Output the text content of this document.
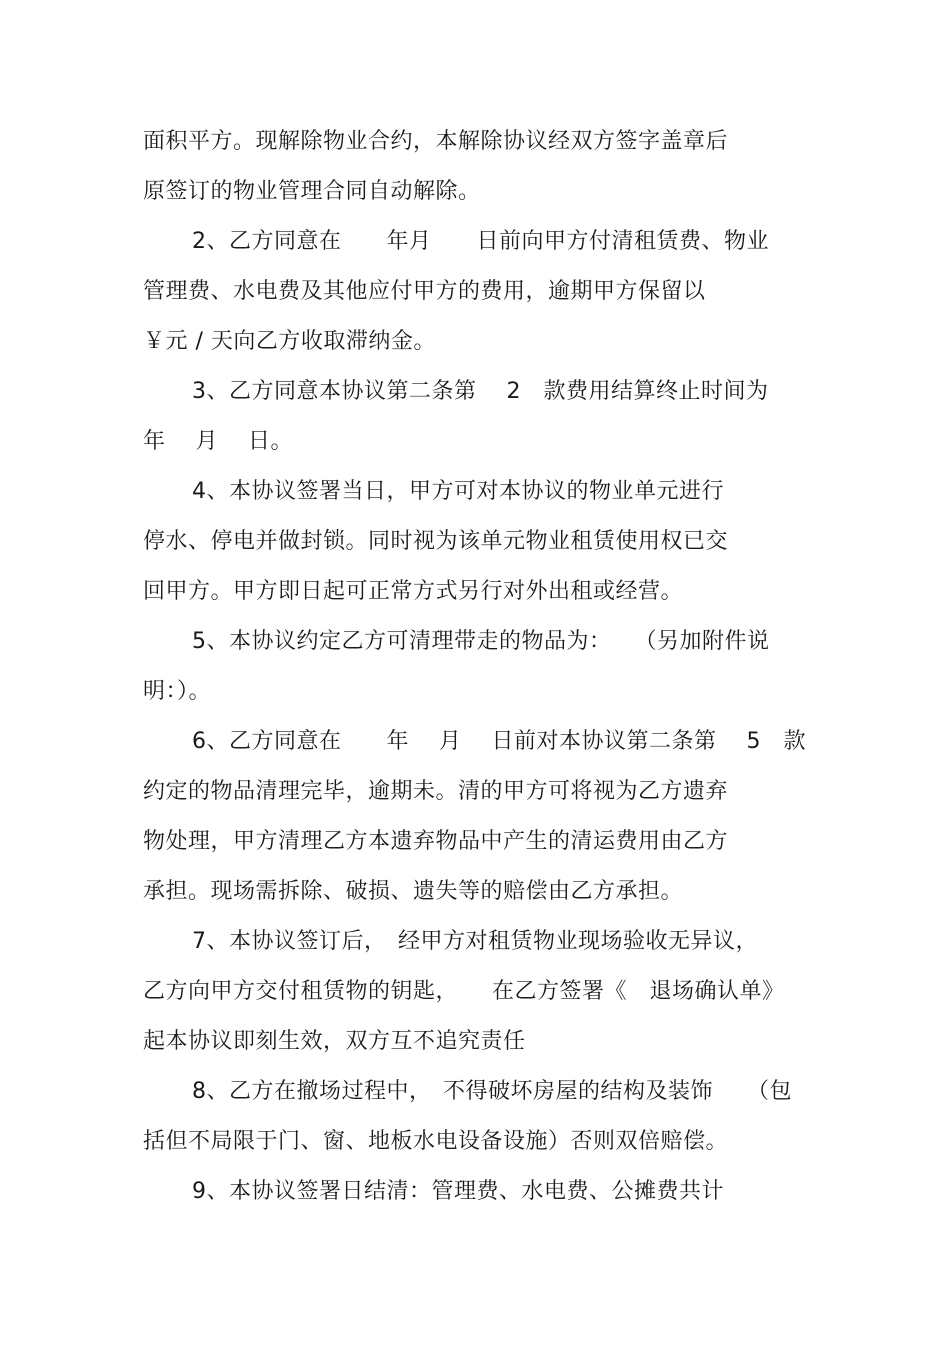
面积平方。现解除物业合约，本解除协议经双方签字盖章后
原签订的物业管理合同自动解除。
2、乙方同意在　　年月　　日前向甲方付清租赁费、物业
管理费、水电费及其他应付甲方的费用，逾期甲方保留以
￥元 / 天向乙方收取滞纳金。
3、乙方同意本协议第二条第　 2　款费用结算终止时间为
年　 月　 日。
4、本协议签署当日，甲方可对本协议的物业单元进行
停水、停电并做封锁。同时视为该单元物业租赁使用权已交
回甲方。甲方即日起可正常方式另行对外出租或经营。
5、本协议约定乙方可清理带走的物品为：　　（另加附件说
明：）。
6、乙方同意在　　年　 月　 日前对本协议第二条第　 5　款
约定的物品清理完毕，逾期未。清的甲方可将视为乙方遗弃
物处理，甲方清理乙方本遗弃物品中产生的清运费用由乙方
承担。现场需拆除、破损、遗失等的赔偿由乙方承担。
7、本协议签订后，　经甲方对租赁物业现场验收无异议，
乙方向甲方交付租赁物的钥匙，　　在乙方签署《　退场确认单》
起本协议即刻生效，双方互不追究责任
8、乙方在撤场过程中，　不得破坏房屋的结构及装饰　　（包
括但不局限于门、窗、地板水电设备设施）否则双倍赔偿。
9、本协议签署日结清：管理费、水电费、公摊费共计
